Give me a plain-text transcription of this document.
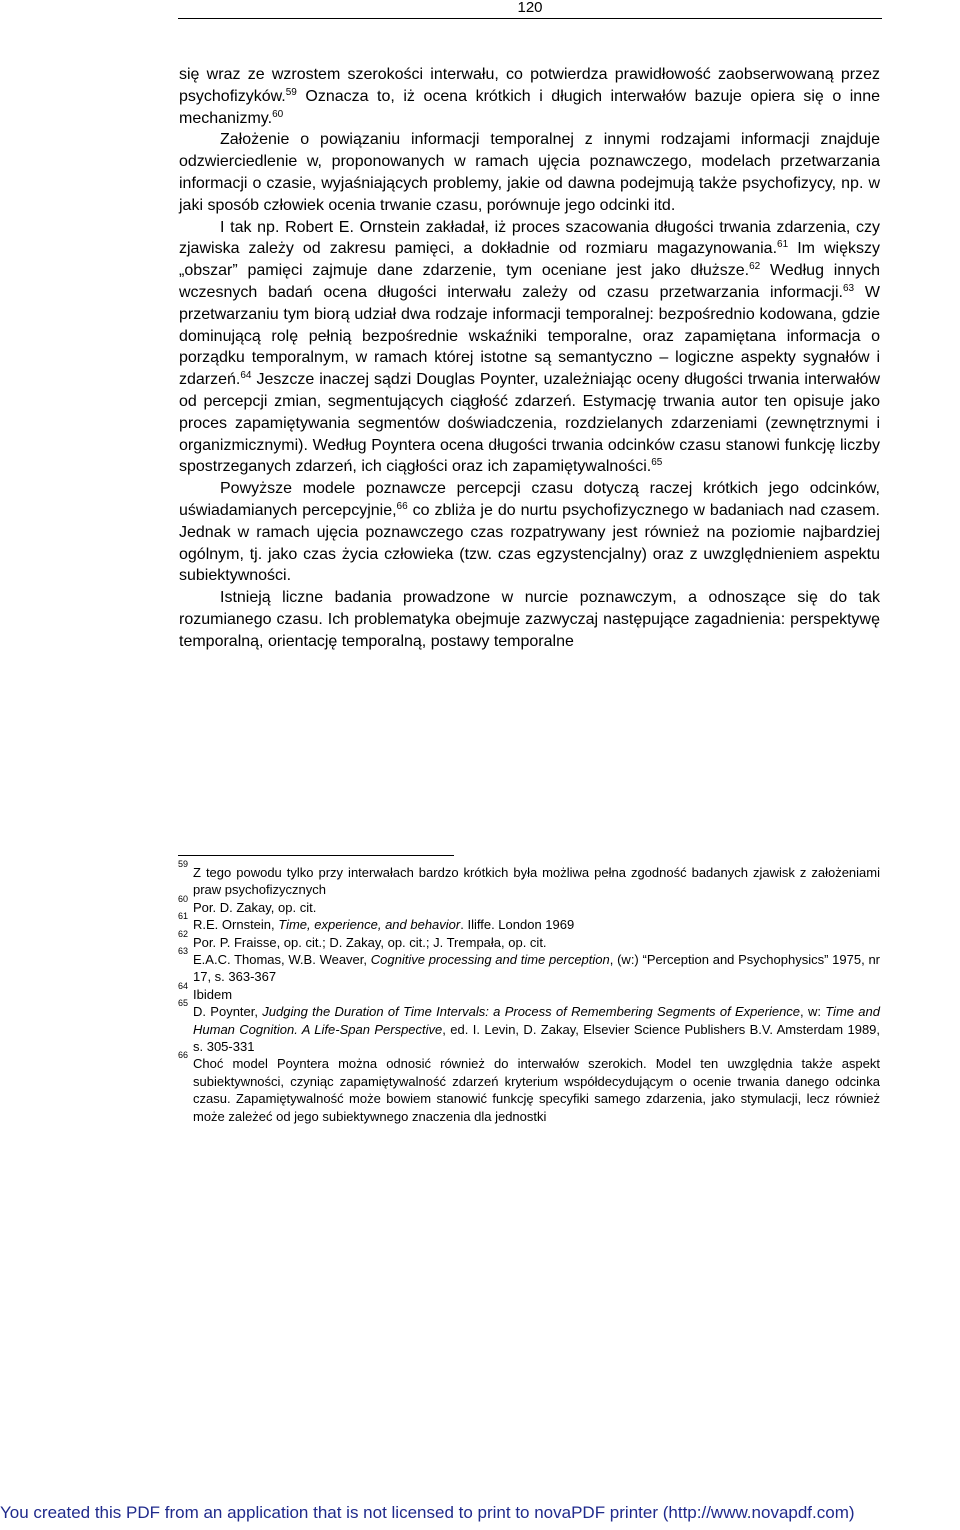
120

się wraz ze wzrostem szerokości interwału, co potwierdza prawidłowość zaobserwowaną przez psychofizyków.$^{59}$ Oznacza to, iż ocena krótkich i długich interwałów bazuje opiera się o inne mechanizmy.$^{60}$

Założenie o powiązaniu informacji temporalnej z innymi rodzajami informacji znajduje odzwierciedlenie w, proponowanych w ramach ujęcia poznawczego, modelach przetwarzania informacji o czasie, wyjaśniających problemy, jakie od dawna podejmują także psychofizycy, np. w jaki sposób człowiek ocenia trwanie czasu, porównuje jego odcinki itd.

I tak np. Robert E. Ornstein zakładał, iż proces szacowania długości trwania zdarzenia, czy zjawiska zależy od zakresu pamięci, a dokładnie od rozmiaru magazynowania.$^{61}$ Im większy „obszar” pamięci zajmuje dane zdarzenie, tym oceniane jest jako dłuższe.$^{62}$ Według innych wczesnych badań ocena długości interwału zależy od czasu przetwarzania informacji.$^{63}$ W przetwarzaniu tym biorą udział dwa rodzaje informacji temporalnej: bezpośrednio kodowana, gdzie dominującą rolę pełnią bezpośrednie wskaźniki temporalne, oraz zapamiętana informacja o porządku temporalnym, w ramach której istotne są semantyczno – logiczne aspekty sygnałów i zdarzeń.$^{64}$ Jeszcze inaczej sądzi Douglas Poynter, uzależniając oceny długości trwania interwałów od percepcji zmian, segmentujących ciągłość zdarzeń. Estymację trwania autor ten opisuje jako proces zapamiętywania segmentów doświadczenia, rozdzielanych zdarzeniami (zewnętrznymi i organizmicznymi). Według Poyntera ocena długości trwania odcinków czasu stanowi funkcję liczby spostrzeganych zdarzeń, ich ciągłości oraz ich zapamiętywalności.$^{65}$

Powyższe modele poznawcze percepcji czasu dotyczą raczej krótkich jego odcinków, uświadamianych percepcyjnie,$^{66}$ co zbliża je do nurtu psychofizycznego w badaniach nad czasem. Jednak w ramach ujęcia poznawczego czas rozpatrywany jest również na poziomie najbardziej ogólnym, tj. jako czas życia człowieka (tzw. czas egzystencjalny) oraz z uwzględnieniem aspektu subiektywności.

Istnieją liczne badania prowadzone w nurcie poznawczym, a odnoszące się do tak rozumianego czasu. Ich problematyka obejmuje zazwyczaj następujące zagadnienia: perspektywę temporalną, orientację temporalną, postawy temporalne

59
Z tego powodu tylko przy interwałach bardzo krótkich była możliwa pełna zgodność badanych zjawisk z założeniami praw psychofizycznych
60
Por. D. Zakay, op. cit.
61
R.E. Ornstein, Time, experience, and behavior. Iliffe. London 1969
62
Por. P. Fraisse, op. cit.; D. Zakay, op. cit.; J. Trempała, op. cit.
63
E.A.C. Thomas, W.B. Weaver, Cognitive processing and time perception, (w:) “Perception and Psychophysics” 1975, nr 17, s. 363-367
64
Ibidem
65
D. Poynter, Judging the Duration of Time Intervals: a Process of Remembering Segments of Experience, w: Time and Human Cognition. A Life-Span Perspective, ed. I. Levin, D. Zakay, Elsevier Science Publishers B.V. Amsterdam 1989, s. 305-331
66
Choć model Poyntera można odnosić również do interwałów szerokich. Model ten uwzględnia także aspekt subiektywności, czyniąc zapamiętywalność zdarzeń kryterium współdecydującym o ocenie trwania danego odcinka czasu. Zapamiętywalność może bowiem stanowić funkcję specyfiki samego zdarzenia, jako stymulacji, lecz również może zależeć od jego subiektywnego znaczenia dla jednostki
You created this PDF from an application that is not licensed to print to novaPDF printer (http://www.novapdf.com)
